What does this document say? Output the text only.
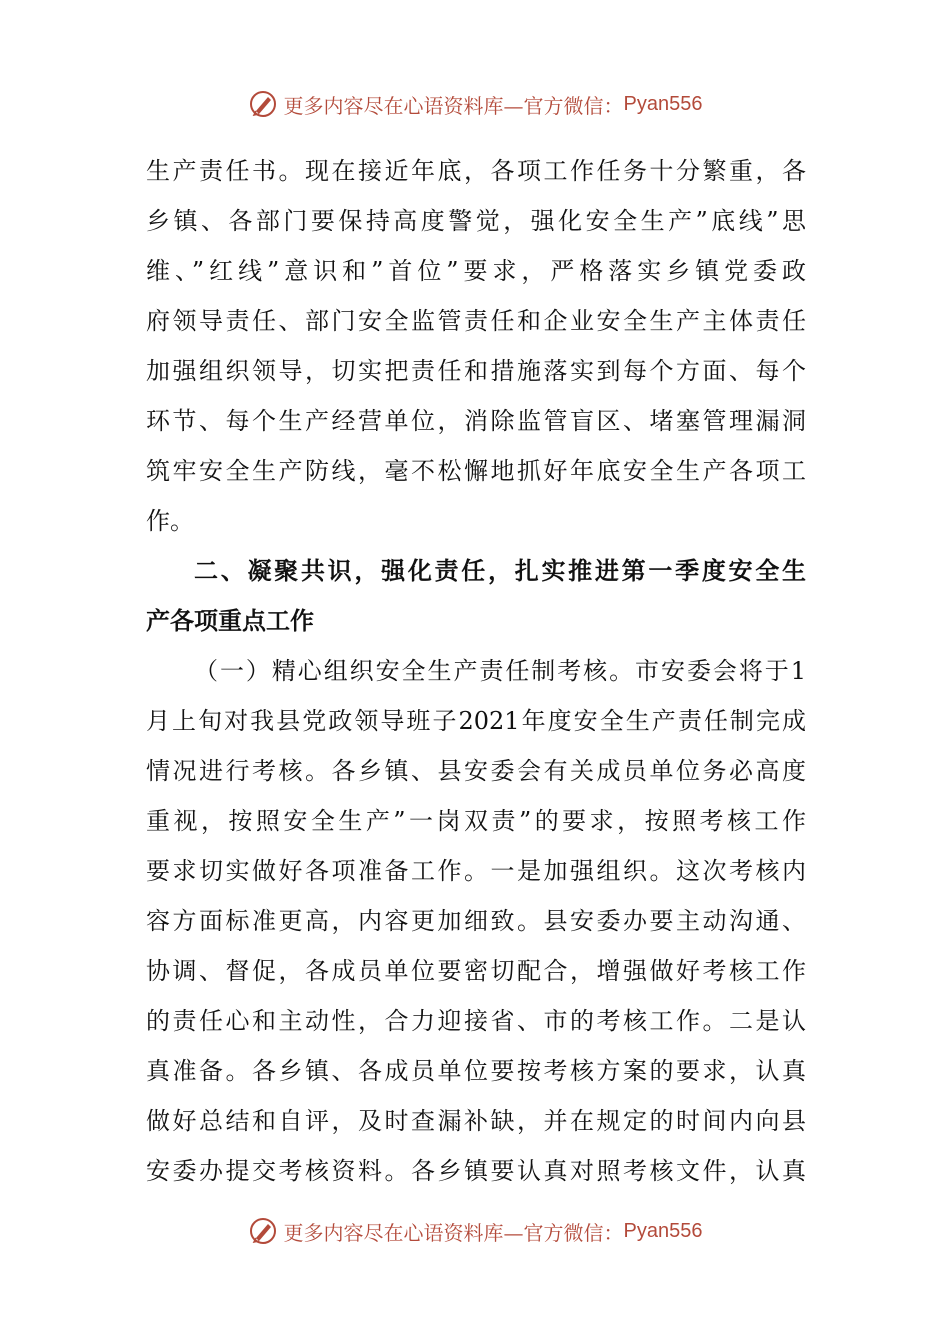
更多内容尽在心语资料库—官方微信： Pyan556
生产责任书。现在接近年底，各项工作任务十分繁重，各
乡镇、各部门要保持高度警觉，强化安全生产”底线”思
维、”红线”意识和”首位”要求，严格落实乡镇党委政
府领导责任、部门安全监管责任和企业安全生产主体责任
加强组织领导，切实把责任和措施落实到每个方面、每个
环节、每个生产经营单位，消除监管盲区、堵塞管理漏洞
筑牢安全生产防线，毫不松懈地抓好年底安全生产各项工
作。
二、凝聚共识，强化责任，扎实推进第一季度安全生
产各项重点工作
（一）精心组织安全生产责任制考核。市安委会将于1
月上旬对我县党政领导班子2021年度安全生产责任制完成
情况进行考核。各乡镇、县安委会有关成员单位务必高度
重视，按照安全生产”一岗双责”的要求，按照考核工作
要求切实做好各项准备工作。一是加强组织。这次考核内
容方面标准更高，内容更加细致。县安委办要主动沟通、
协调、督促，各成员单位要密切配合，增强做好考核工作
的责任心和主动性，合力迎接省、市的考核工作。二是认
真准备。各乡镇、各成员单位要按考核方案的要求，认真
做好总结和自评，及时查漏补缺，并在规定的时间内向县
安委办提交考核资料。各乡镇要认真对照考核文件，认真
更多内容尽在心语资料库—官方微信： Pyan556
